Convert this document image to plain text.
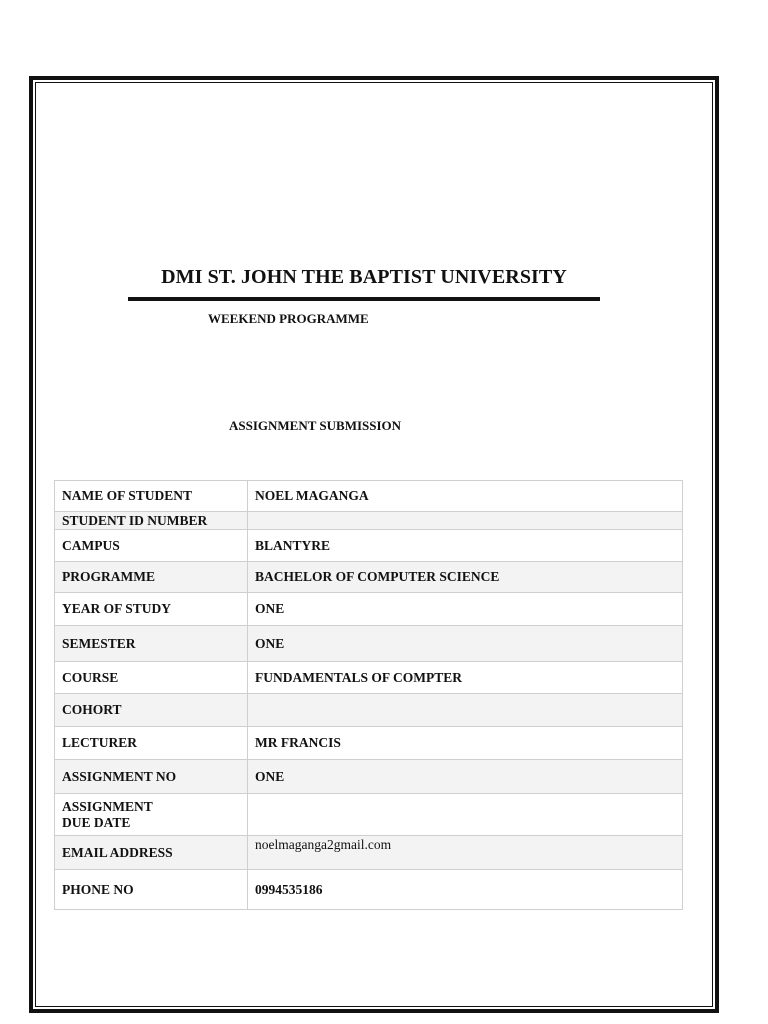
DMI ST. JOHN THE BAPTIST UNIVERSITY
WEEKEND PROGRAMME
ASSIGNMENT SUBMISSION
NAME OF STUDENT	NOEL MAGANGA
STUDENT ID NUMBER	
CAMPUS	BLANTYRE
PROGRAMME	BACHELOR OF COMPUTER SCIENCE
YEAR OF STUDY	ONE
SEMESTER	ONE
COURSE	FUNDAMENTALS OF COMPTER
COHORT	
LECTURER	MR FRANCIS
ASSIGNMENT NO	ONE

ASSIGNMENT
DUE DATE	

EMAIL ADDRESS	noelmaganga2gmail.com
PHONE NO	0994535186
